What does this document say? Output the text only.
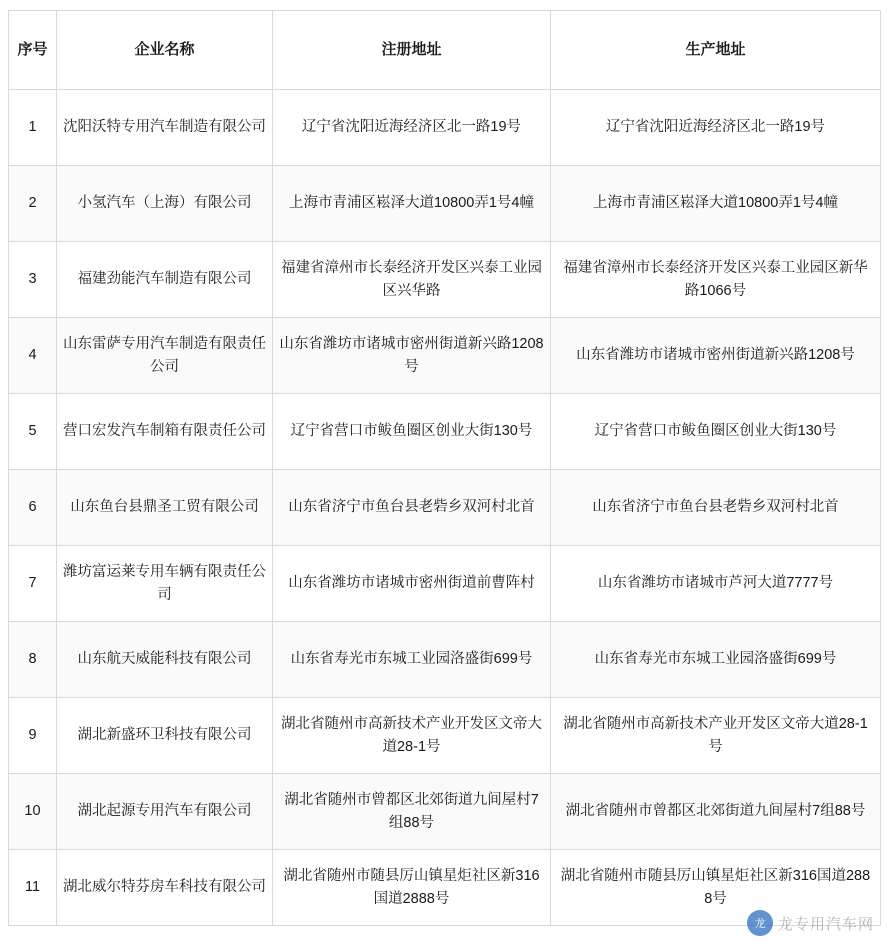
序号	企业名称	注册地址	生产地址
1	沈阳沃特专用汽车制造有限公司	辽宁省沈阳近海经济区北一路19号	辽宁省沈阳近海经济区北一路19号
2	小氢汽车（上海）有限公司	上海市青浦区崧泽大道10800弄1号4幢	上海市青浦区崧泽大道10800弄1号4幢
3	福建劲能汽车制造有限公司	福建省漳州市长泰经济开发区兴泰工业园区兴华路	福建省漳州市长泰经济开发区兴泰工业园区新华路1066号
4	山东雷萨专用汽车制造有限责任公司	山东省潍坊市诸城市密州街道新兴路1208号	山东省潍坊市诸城市密州街道新兴路1208号
5	营口宏发汽车制箱有限责任公司	辽宁省营口市鲅鱼圈区创业大街130号	辽宁省营口市鲅鱼圈区创业大街130号
6	山东鱼台县鼎圣工贸有限公司	山东省济宁市鱼台县老砦乡双河村北首	山东省济宁市鱼台县老砦乡双河村北首
7	潍坊富运莱专用车辆有限责任公司	山东省潍坊市诸城市密州街道前曹阵村	山东省潍坊市诸城市芦河大道7777号
8	山东航天威能科技有限公司	山东省寿光市东城工业园洛盛街699号	山东省寿光市东城工业园洛盛街699号
9	湖北新盛环卫科技有限公司	湖北省随州市高新技术产业开发区文帝大道28-1号	湖北省随州市高新技术产业开发区文帝大道28-1号
10	湖北起源专用汽车有限公司	湖北省随州市曾都区北郊街道九间屋村7组88号	湖北省随州市曾都区北郊街道九间屋村7组88号
11	湖北威尔特芬房车科技有限公司	湖北省随州市随县厉山镇星炬社区新316国道2888号	湖北省随州市随县厉山镇星炬社区新316国道2888号
龙 龙专用汽车网
